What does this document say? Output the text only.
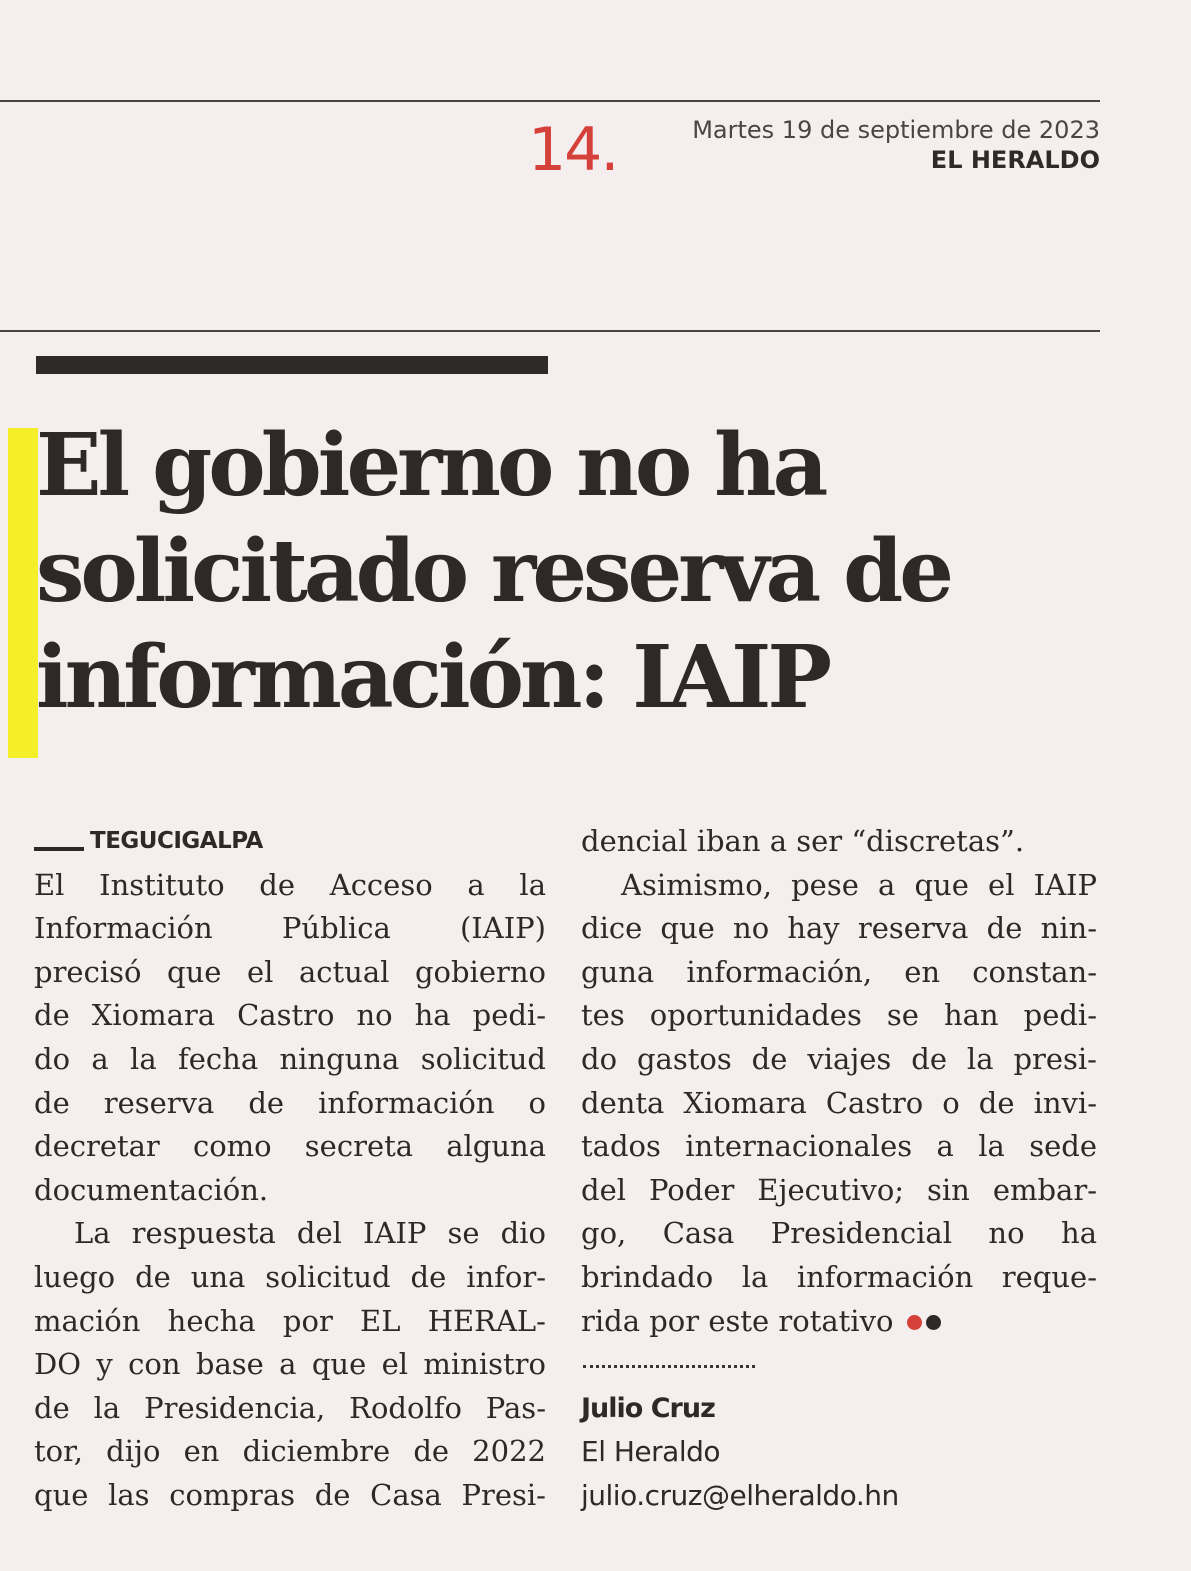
14.	Martes 19 de septiembre de 2023
EL HERALDO
El gobierno no ha
solicitado reserva de
información: IAIP
TEGUCIGALPA
El Instituto de Acceso a la
Información Pública (IAIP)
precisó que el actual gobierno
de Xiomara Castro no ha pedi-
do a la fecha ninguna solicitud
de reserva de información o
decretar como secreta alguna
documentación.
La respuesta del IAIP se dio
luego de una solicitud de infor-
mación hecha por EL HERAL-
DO y con base a que el ministro
de la Presidencia, Rodolfo Pas-
tor, dijo en diciembre de 2022
que las compras de Casa Presi-
dencial iban a ser “discretas”.
Asimismo, pese a que el IAIP
dice que no hay reserva de nin-
guna información, en constan-
tes oportunidades se han pedi-
do gastos de viajes de la presi-
denta Xiomara Castro o de invi-
tados internacionales a la sede
del Poder Ejecutivo; sin embar-
go, Casa Presidencial no ha
brindado la información reque-
rida por este rotativo
Julio Cruz
El Heraldo
julio.cruz@elheraldo.hn
